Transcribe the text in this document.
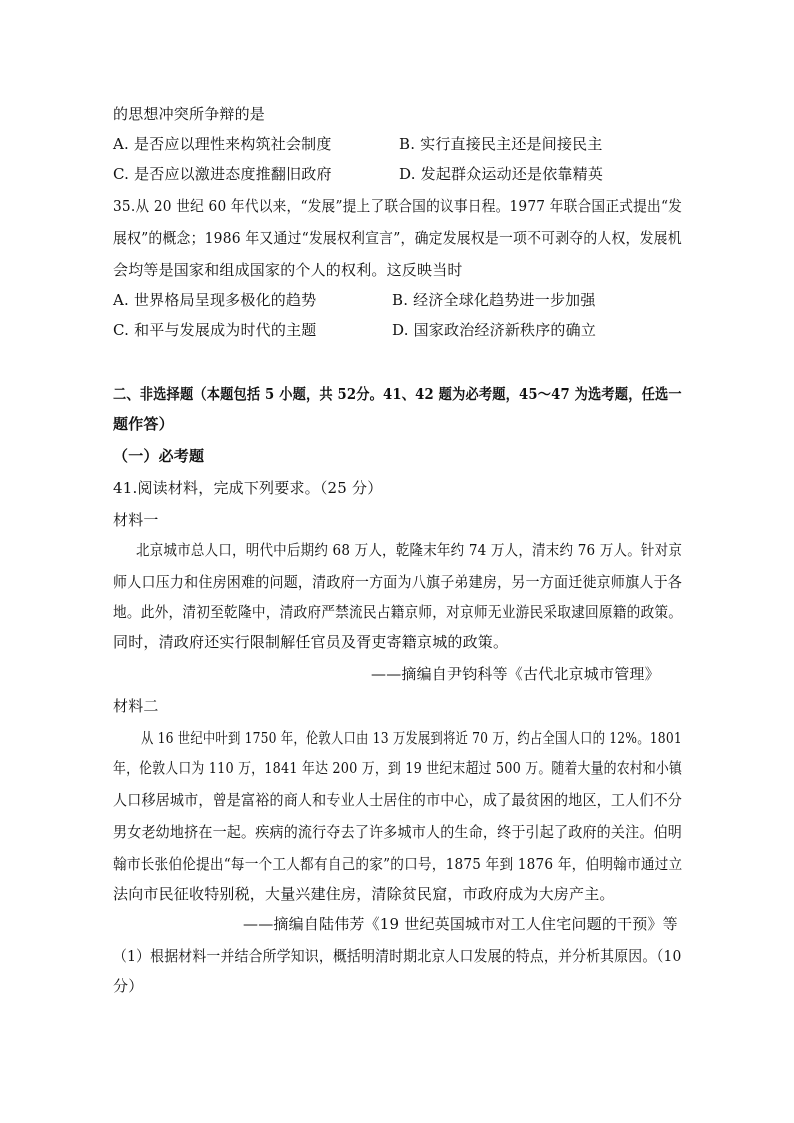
的思想冲突所争辩的是
A. 是否应以理性来构筑社会制度	B. 实行直接民主还是间接民主
C. 是否应以激进态度推翻旧政府	D. 发起群众运动还是依靠精英
35.从 20 世纪 60 年代以来，“发展”提上了联合国的议事日程。1977 年联合国正式提出“发
展权”的概念；1986 年又通过“发展权利宣言”，确定发展权是一项不可剥夺的人权，发展机
会均等是国家和组成国家的个人的权利。这反映当时
A. 世界格局呈现多极化的趋势	B. 经济全球化趋势进一步加强
C. 和平与发展成为时代的主题	D. 国家政治经济新秩序的确立
二、非选择题（本题包括 5 小题，共 52分。41、42 题为必考题，45～47 为选考题，任选一
题作答）
（一）必考题
41.阅读材料，完成下列要求。（25 分）
材料一
北京城市总人口，明代中后期约 68 万人，乾隆末年约 74 万人，清末约 76 万人。针对京
师人口压力和住房困难的问题，清政府一方面为八旗子弟建房，另一方面迁徙京师旗人于各
地。此外，清初至乾隆中，清政府严禁流民占籍京师，对京师无业游民采取逮回原籍的政策。
同时，清政府还实行限制解任官员及胥吏寄籍京城的政策。
——摘编自尹钧科等《古代北京城市管理》
材料二
从 16 世纪中叶到 1750 年，伦敦人口由 13 万发展到将近 70 万，约占全国人口的 12%。1801
年，伦敦人口为 110 万，1841 年达 200 万，到 19 世纪末超过 500 万。随着大量的农村和小镇
人口移居城市，曾是富裕的商人和专业人士居住的市中心，成了最贫困的地区，工人们不分
男女老幼地挤在一起。疾病的流行夺去了许多城市人的生命，终于引起了政府的关注。伯明
翰市长张伯伦提出“每一个工人都有自己的家”的口号，1875 年到 1876 年，伯明翰市通过立
法向市民征收特别税，大量兴建住房，清除贫民窟，市政府成为大房产主。
——摘编自陆伟芳《19 世纪英国城市对工人住宅问题的干预》等
（1）根据材料一并结合所学知识，概括明清时期北京人口发展的特点，并分析其原因。（10
分）
